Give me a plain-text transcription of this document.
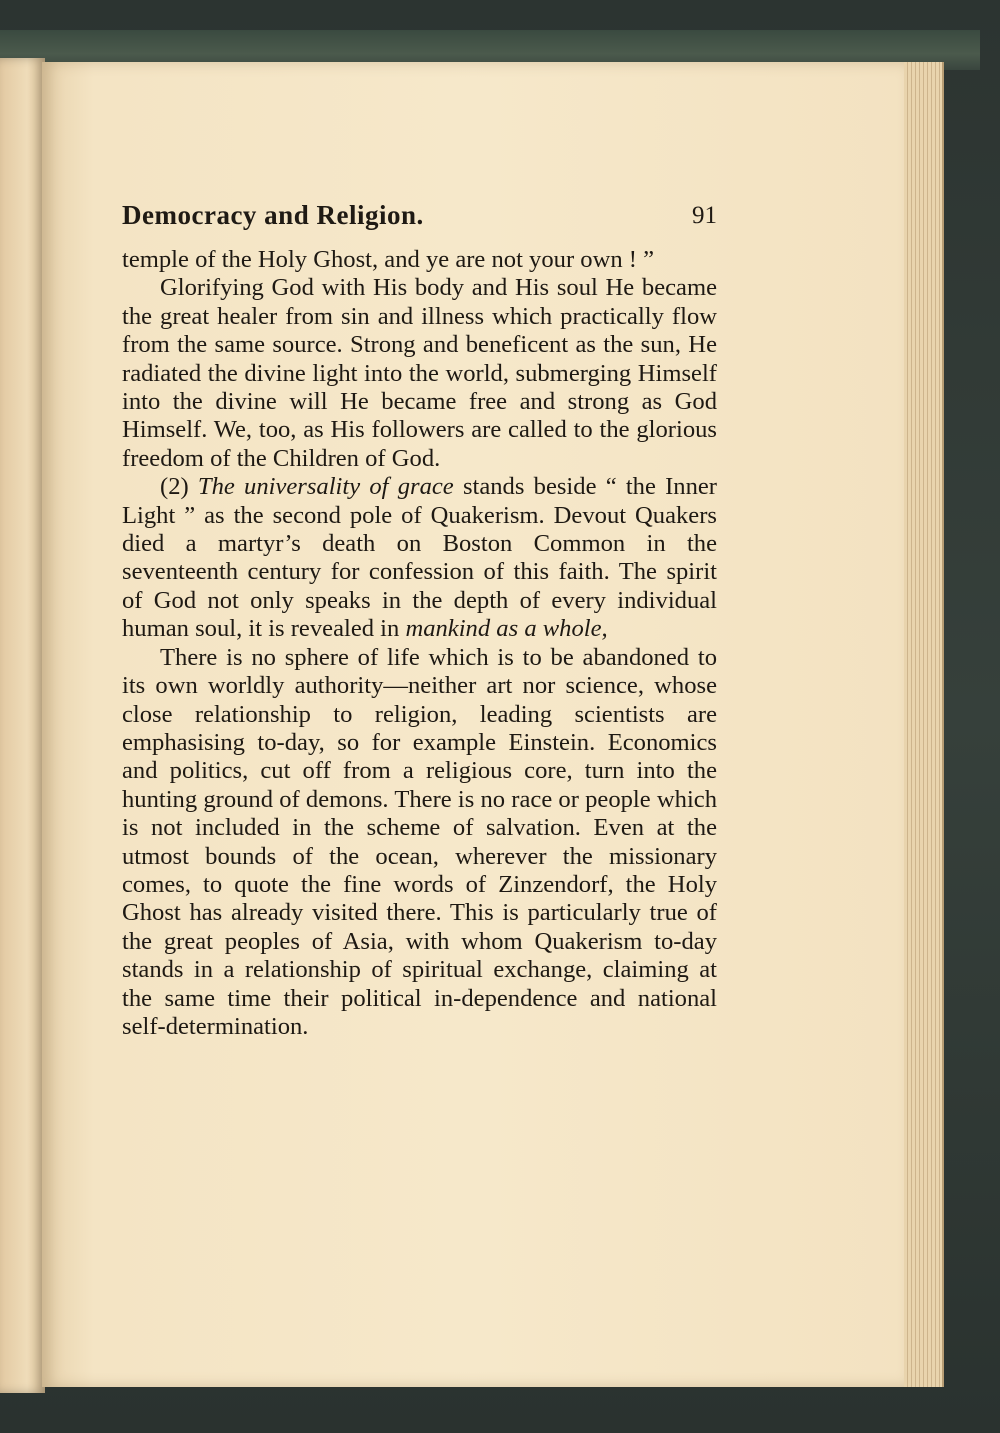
Democracy and Religion.	91

temple of the Holy Ghost, and ye are not your own ! ”

Glorifying God with His body and His soul He became the great healer from sin and illness which practically flow from the same source. Strong and beneficent as the sun, He radiated the divine light into the world, submerging Himself into the divine will He became free and strong as God Himself. We, too, as His followers are called to the glorious freedom of the Children of God.

(2) The universality of grace stands beside “ the Inner Light ” as the second pole of Quakerism. Devout Quakers died a martyr’s death on Boston Common in the seventeenth century for confession of this faith. The spirit of God not only speaks in the depth of every individual human soul, it is revealed in mankind as a whole,

There is no sphere of life which is to be abandoned to its own worldly authority—neither art nor science, whose close relationship to religion, leading scientists are emphasising to-day, so for example Einstein. Economics and politics, cut off from a religious core, turn into the hunting ground of demons. There is no race or people which is not included in the scheme of salvation. Even at the utmost bounds of the ocean, wherever the missionary comes, to quote the fine words of Zinzendorf, the Holy Ghost has already visited there. This is particularly true of the great peoples of Asia, with whom Quakerism to-day stands in a relationship of spiritual exchange, claiming at the same time their political in-dependence and national self-determination.
